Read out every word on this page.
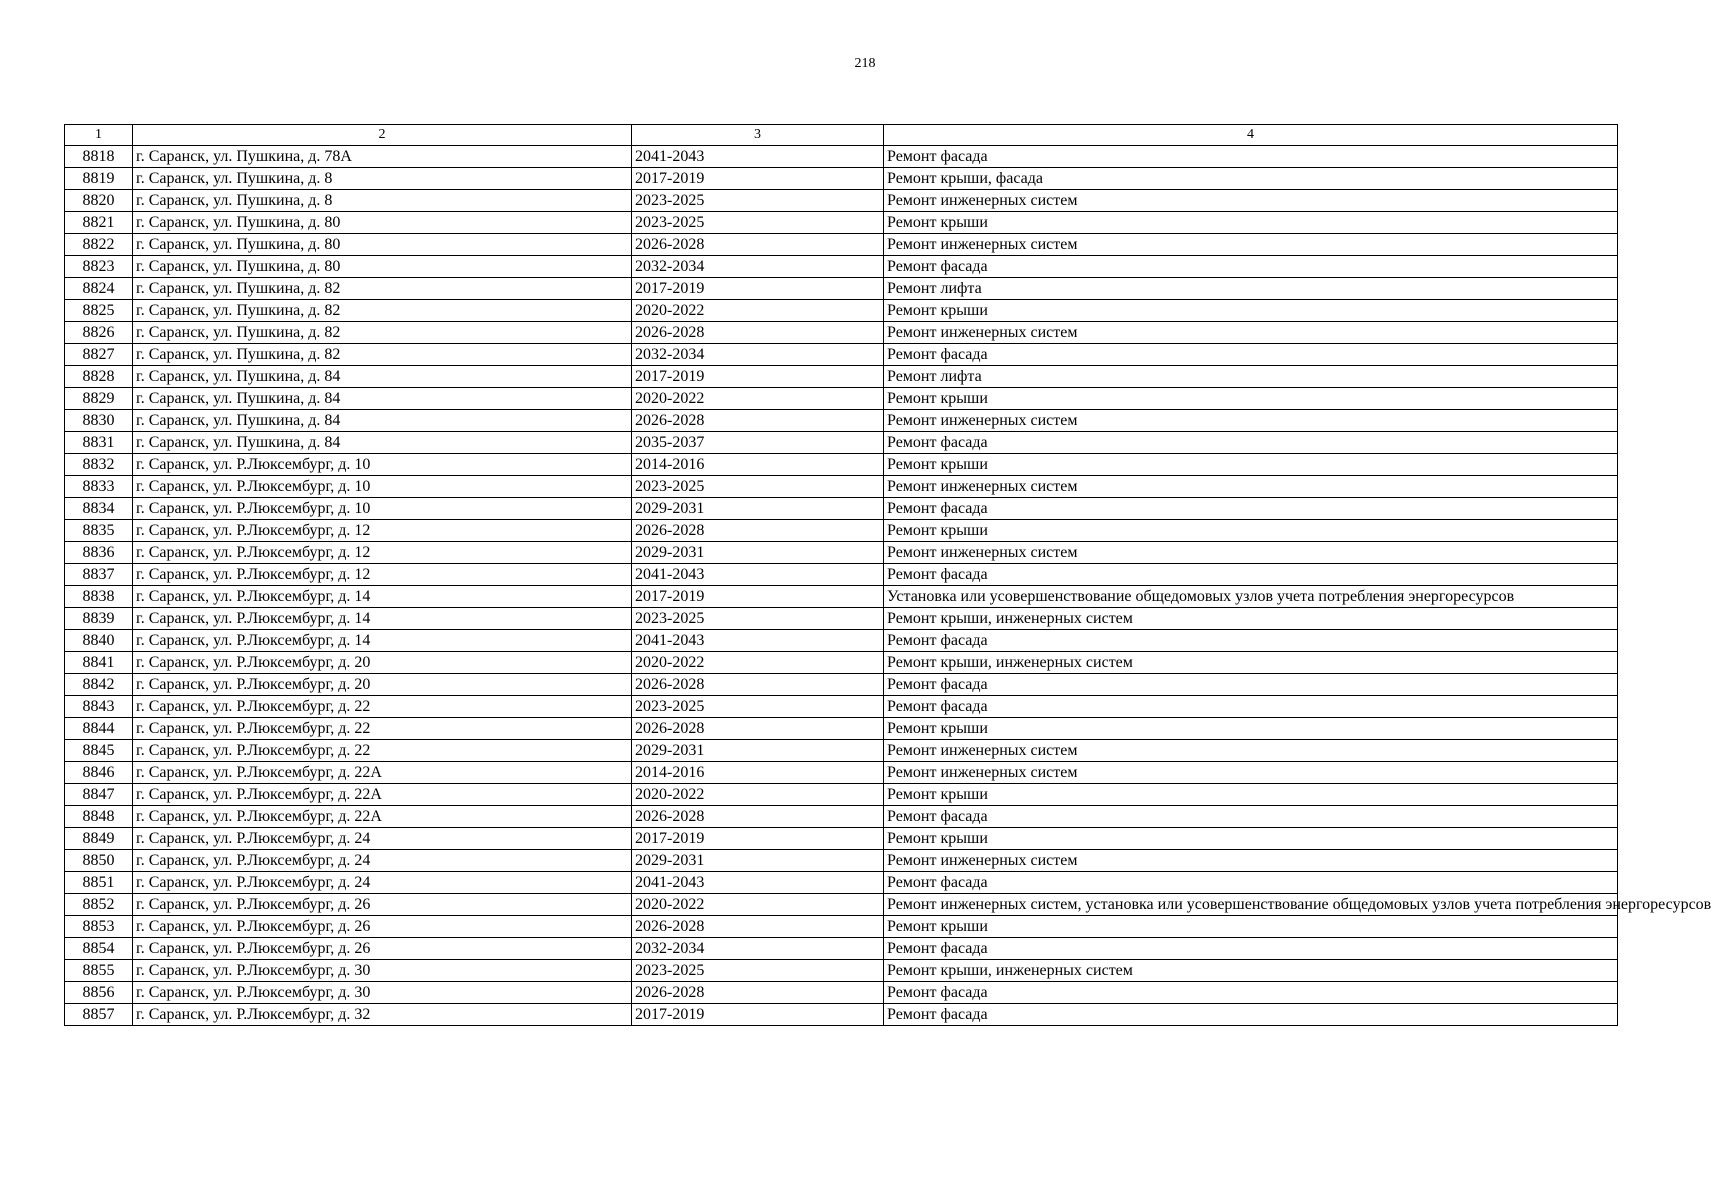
218
1	2	3	4
8818	г. Саранск, ул. Пушкина, д. 78А	2041-2043	Ремонт фасада
8819	г. Саранск, ул. Пушкина, д. 8	2017-2019	Ремонт крыши, фасада
8820	г. Саранск, ул. Пушкина, д. 8	2023-2025	Ремонт инженерных систем
8821	г. Саранск, ул. Пушкина, д. 80	2023-2025	Ремонт крыши
8822	г. Саранск, ул. Пушкина, д. 80	2026-2028	Ремонт инженерных систем
8823	г. Саранск, ул. Пушкина, д. 80	2032-2034	Ремонт фасада
8824	г. Саранск, ул. Пушкина, д. 82	2017-2019	Ремонт лифта
8825	г. Саранск, ул. Пушкина, д. 82	2020-2022	Ремонт крыши
8826	г. Саранск, ул. Пушкина, д. 82	2026-2028	Ремонт инженерных систем
8827	г. Саранск, ул. Пушкина, д. 82	2032-2034	Ремонт фасада
8828	г. Саранск, ул. Пушкина, д. 84	2017-2019	Ремонт лифта
8829	г. Саранск, ул. Пушкина, д. 84	2020-2022	Ремонт крыши
8830	г. Саранск, ул. Пушкина, д. 84	2026-2028	Ремонт инженерных систем
8831	г. Саранск, ул. Пушкина, д. 84	2035-2037	Ремонт фасада
8832	г. Саранск, ул. Р.Люксембург, д. 10	2014-2016	Ремонт крыши
8833	г. Саранск, ул. Р.Люксембург, д. 10	2023-2025	Ремонт инженерных систем
8834	г. Саранск, ул. Р.Люксембург, д. 10	2029-2031	Ремонт фасада
8835	г. Саранск, ул. Р.Люксембург, д. 12	2026-2028	Ремонт крыши
8836	г. Саранск, ул. Р.Люксембург, д. 12	2029-2031	Ремонт инженерных систем
8837	г. Саранск, ул. Р.Люксембург, д. 12	2041-2043	Ремонт фасада
8838	г. Саранск, ул. Р.Люксембург, д. 14	2017-2019	Установка или усовершенствование общедомовых узлов учета потребления энергоресурсов
8839	г. Саранск, ул. Р.Люксембург, д. 14	2023-2025	Ремонт крыши, инженерных систем
8840	г. Саранск, ул. Р.Люксембург, д. 14	2041-2043	Ремонт фасада
8841	г. Саранск, ул. Р.Люксембург, д. 20	2020-2022	Ремонт крыши, инженерных систем
8842	г. Саранск, ул. Р.Люксембург, д. 20	2026-2028	Ремонт фасада
8843	г. Саранск, ул. Р.Люксембург, д. 22	2023-2025	Ремонт фасада
8844	г. Саранск, ул. Р.Люксембург, д. 22	2026-2028	Ремонт крыши
8845	г. Саранск, ул. Р.Люксембург, д. 22	2029-2031	Ремонт инженерных систем
8846	г. Саранск, ул. Р.Люксембург, д. 22А	2014-2016	Ремонт инженерных систем
8847	г. Саранск, ул. Р.Люксембург, д. 22А	2020-2022	Ремонт крыши
8848	г. Саранск, ул. Р.Люксембург, д. 22А	2026-2028	Ремонт фасада
8849	г. Саранск, ул. Р.Люксембург, д. 24	2017-2019	Ремонт крыши
8850	г. Саранск, ул. Р.Люксембург, д. 24	2029-2031	Ремонт инженерных систем
8851	г. Саранск, ул. Р.Люксембург, д. 24	2041-2043	Ремонт фасада
8852	г. Саранск, ул. Р.Люксембург, д. 26	2020-2022	Ремонт инженерных систем, установка или усовершенствование общедомовых узлов учета потребления энергоресурсов
8853	г. Саранск, ул. Р.Люксембург, д. 26	2026-2028	Ремонт крыши
8854	г. Саранск, ул. Р.Люксембург, д. 26	2032-2034	Ремонт фасада
8855	г. Саранск, ул. Р.Люксембург, д. 30	2023-2025	Ремонт крыши, инженерных систем
8856	г. Саранск, ул. Р.Люксембург, д. 30	2026-2028	Ремонт фасада
8857	г. Саранск, ул. Р.Люксембург, д. 32	2017-2019	Ремонт фасада
